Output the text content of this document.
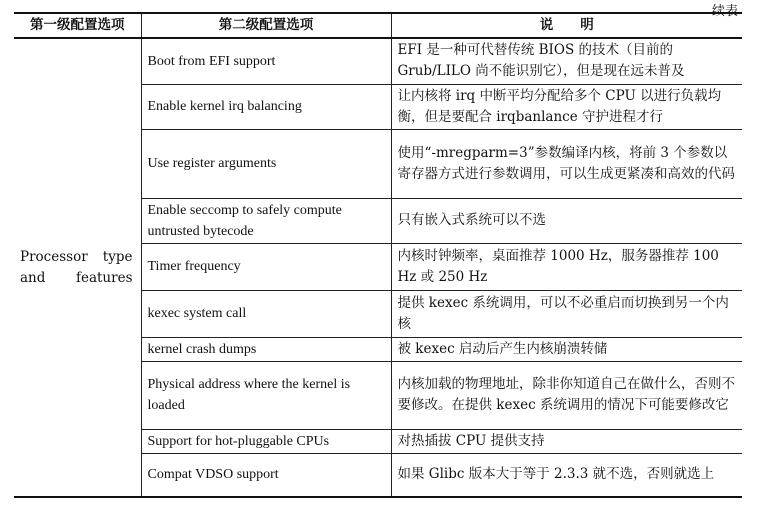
续表
第一级配置选项	第二级配置选项	说　　明
Processor type and features	Boot from EFI support	EFI 是一种可代替传统 BIOS 的技术（目前的 Grub/LILO 尚不能识别它），但是现在远未普及
	Enable kernel irq balancing	让内核将 irq 中断平均分配给多个 CPU 以进行负载均衡，但是要配合 irqbanlance 守护进程才行
	Use register arguments	使用“-mregparm=3”参数编译内核，将前 3 个参数以寄存器方式进行参数调用，可以生成更紧凑和高效的代码
	Enable seccomp to safely compute untrusted bytecode	只有嵌入式系统可以不选
	Timer frequency	内核时钟频率，桌面推荐 1000 Hz，服务器推荐 100 Hz 或 250 Hz
	kexec system call	提供 kexec 系统调用，可以不必重启而切换到另一个内核
	kernel crash dumps	被 kexec 启动后产生内核崩溃转储
	Physical address where the kernel is loaded	内核加载的物理地址，除非你知道自己在做什么，否则不要修改。在提供 kexec 系统调用的情况下可能要修改它
	Support for hot-pluggable CPUs	对热插拔 CPU 提供支持
	Compat VDSO support	如果 Glibc 版本大于等于 2.3.3 就不选，否则就选上
